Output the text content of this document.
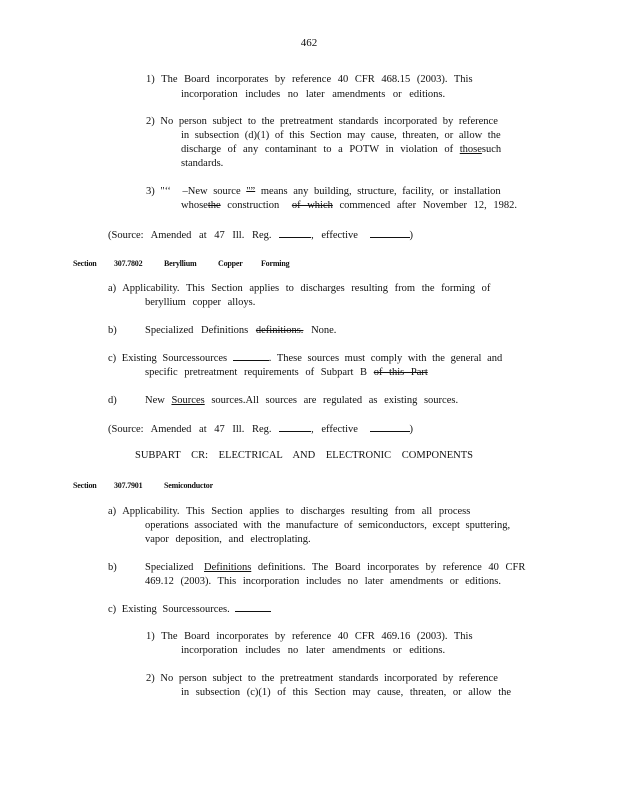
462
1) The Board incorporates by reference 40 CFR 468.15 (2003). This
incorporation includes no later amendments or editions.
2) No person subject to the pretreatment standards incorporated by reference
in subsection (d)(1) of this Section may cause, threaten, or allow the
discharge of any contaminant to a POTW in violation of thosesuch
standards.
3) "‘‘ –New source "” means any building, structure, facility, or installation
whosethe construction of which commenced after November 12, 1982.
(Source: Amended at 47 Ill. Reg.	, effective	)
Section 307.7802	Beryllium	Copper Forming
a) Applicability. This Section applies to discharges resulting from the forming of
beryllium copper alloys.
b)	Specialized Definitions definitions. None.
c) Existing Sourcessources	. These sources must comply with the general and
specific pretreatment requirements of Subpart B of this Part
d)	New Sources sources.All sources are regulated as existing sources.
(Source: Amended at 47 Ill. Reg.	, effective	)
SUBPART CR: ELECTRICAL AND ELECTRONIC COMPONENTS
Section 307.7901	Semiconductor
a) Applicability. This Section applies to discharges resulting from all process
operations associated with the manufacture of semiconductors, except sputtering,
vapor deposition, and electroplating.
b)	Specialized Definitions definitions. The Board incorporates by reference 40 CFR
469.12 (2003). This incorporation includes no later amendments or editions.
c) Existing Sourcessources.
1) The Board incorporates by reference 40 CFR 469.16 (2003). This
incorporation includes no later amendments or editions.
2) No person subject to the pretreatment standards incorporated by reference
in subsection (c)(1) of this Section may cause, threaten, or allow the
